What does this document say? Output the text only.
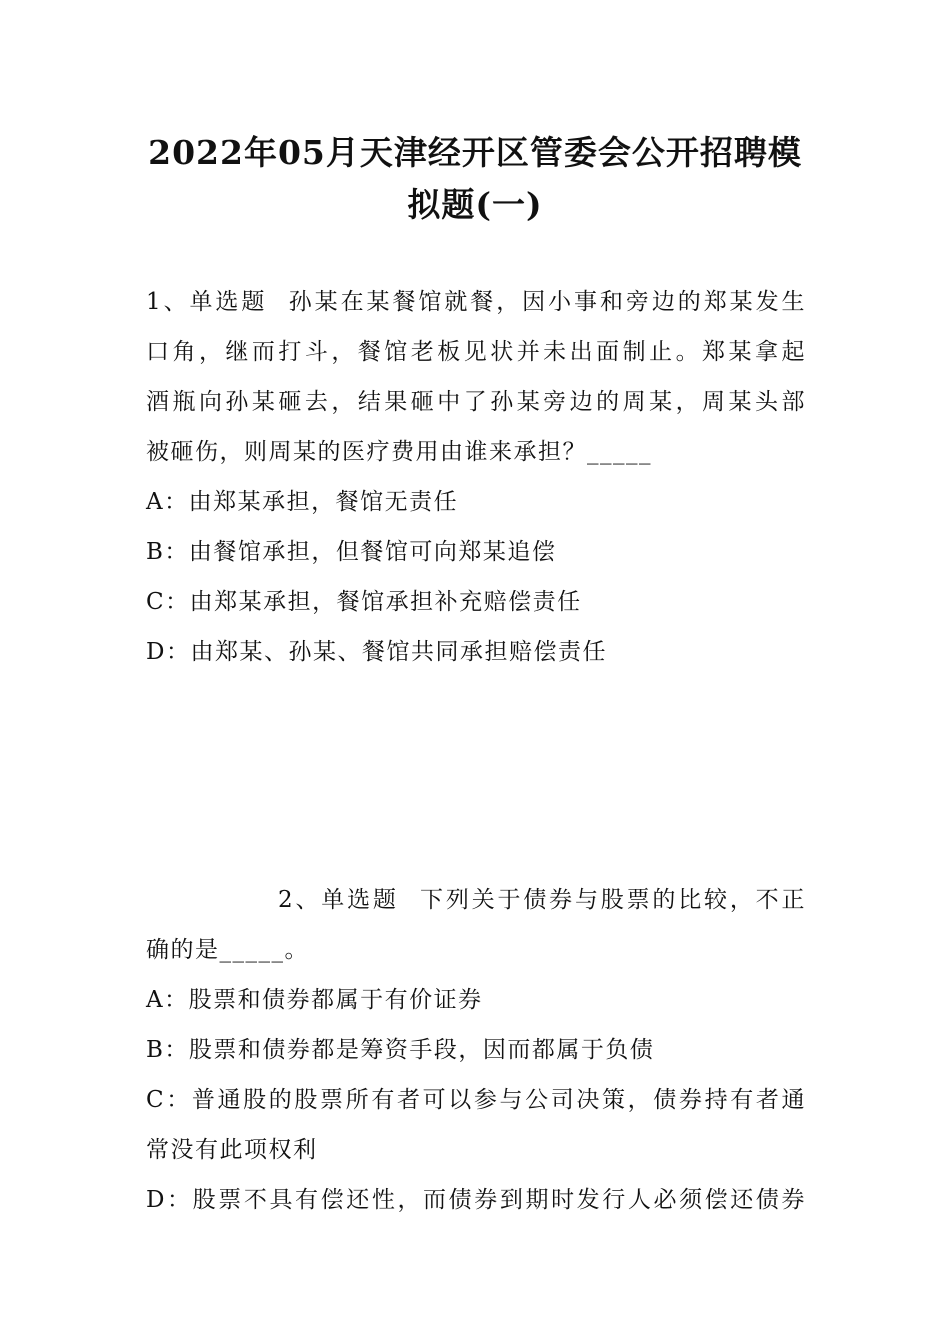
2022年05月天津经开区管委会公开招聘模
拟题(一)
1、单选题 孙某在某餐馆就餐，因小事和旁边的郑某发生
口角，继而打斗，餐馆老板见状并未出面制止。郑某拿起
酒瓶向孙某砸去，结果砸中了孙某旁边的周某，周某头部
被砸伤，则周某的医疗费用由谁来承担？_____
A：由郑某承担，餐馆无责任
B：由餐馆承担，但餐馆可向郑某追偿
C：由郑某承担，餐馆承担补充赔偿责任
D：由郑某、孙某、餐馆共同承担赔偿责任
2、单选题 下列关于债券与股票的比较，不正
确的是_____。
A：股票和债券都属于有价证券
B：股票和债券都是筹资手段，因而都属于负债
C：普通股的股票所有者可以参与公司决策，债券持有者通
常没有此项权利
D：股票不具有偿还性，而债券到期时发行人必须偿还债券
